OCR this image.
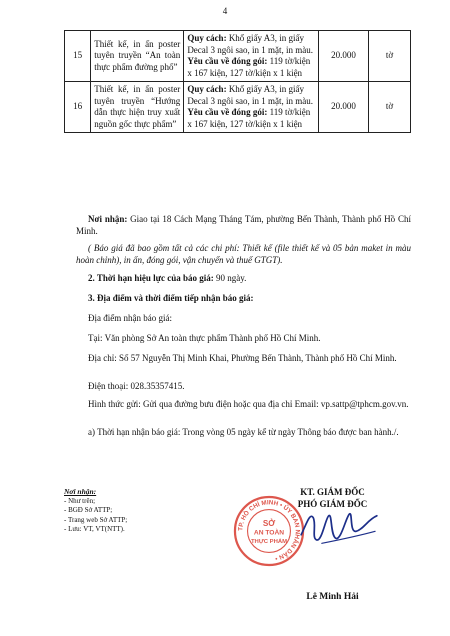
4
15	Thiết kế, in ấn poster tuyên truyền “An toàn thực phẩm đường phố”	Quy cách: Khổ giấy A3, in giấy Decal 3 ngôi sao, in 1 mặt, in màu.
Yêu cầu về đóng gói: 119 tờ/kiện x 167 kiện, 127 tờ/kiện x 1 kiện	20.000	tờ
16	Thiết kế, in ấn poster tuyên truyền “Hướng dẫn thực hiện truy xuất nguồn gốc thực phẩm”	Quy cách: Khổ giấy A3, in giấy Decal 3 ngôi sao, in 1 mặt, in màu.
Yêu cầu về đóng gói: 119 tờ/kiện x 167 kiện, 127 tờ/kiện x 1 kiện	20.000	tờ
Nơi nhận: Giao tại 18 Cách Mạng Tháng Tám, phường Bến Thành, Thành phố Hồ Chí Minh.
( Báo giá đã bao gồm tất cả các chi phí: Thiết kế (file thiết kế và 05 bản maket in màu hoàn chỉnh), in ấn, đóng gói, vận chuyển và thuế GTGT).
2. Thời hạn hiệu lực của báo giá: 90 ngày.
3. Địa điểm và thời điểm tiếp nhận báo giá:
Địa điểm nhận báo giá:
Tại: Văn phòng Sở An toàn thực phẩm Thành phố Hồ Chí Minh.
Địa chỉ: Số 57 Nguyễn Thị Minh Khai, Phường Bến Thành, Thành phố Hồ Chí Minh.
Điện thoại: 028.35357415.
Hình thức gửi: Gửi qua đường bưu điện hoặc qua địa chỉ Email: vp.sattp@tphcm.gov.vn.
a) Thời hạn nhận báo giá: Trong vòng 05 ngày kể từ ngày Thông báo được ban hành./.
Nơi nhận:
- Như trên;
- BGĐ Sở ATTP;
- Trang web Sở ATTP;
- Lưu: VT, VT(NTT).
KT. GIÁM ĐỐC
PHÓ GIÁM ĐỐC
TP. HỒ CHÍ MINH • ỦY BAN NHÂN DÂN •
SỞ
AN TOÀN
THỰC PHẨM
Lê Minh Hải
